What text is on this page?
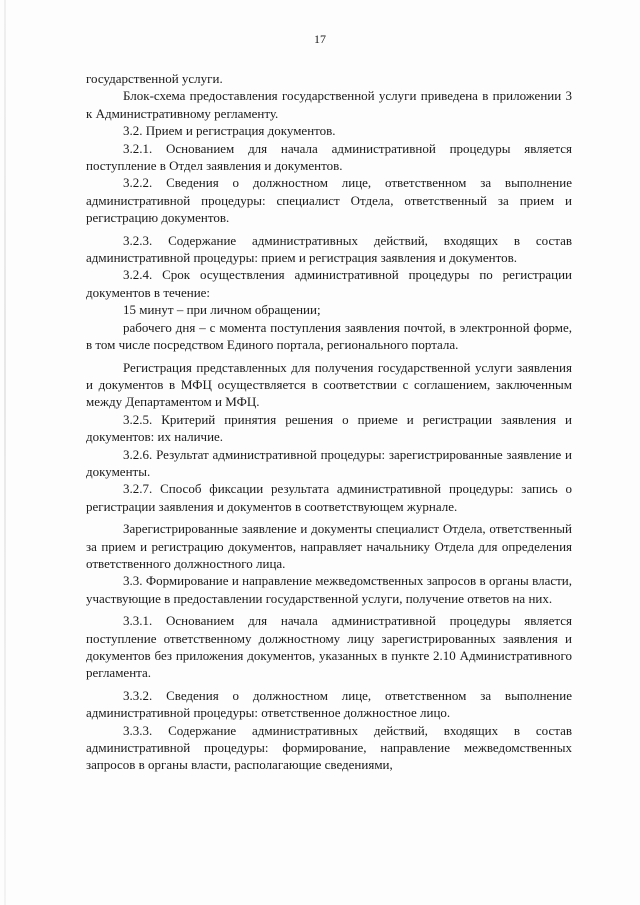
17

государственной услуги.

Блок-схема предоставления государственной услуги приведена в приложении 3 к Административному регламенту.

3.2. Прием и регистрация документов.

3.2.1. Основанием для начала административной процедуры является поступление в Отдел заявления и документов.

3.2.2. Сведения о должностном лице, ответственном за выполнение административной процедуры: специалист Отдела, ответственный за прием и регистрацию документов.

3.2.3. Содержание административных действий, входящих в состав административной процедуры: прием и регистрация заявления и документов.

3.2.4. Срок осуществления административной процедуры по регистрации документов в течение:

15 минут – при личном обращении;

рабочего дня – с момента поступления заявления почтой, в электронной форме, в том числе посредством Единого портала, регионального портала.

Регистрация представленных для получения государственной услуги заявления и документов в МФЦ осуществляется в соответствии с соглашением, заключенным между Департаментом и МФЦ.

3.2.5. Критерий принятия решения о приеме и регистрации заявления и документов: их наличие.

3.2.6. Результат административной процедуры: зарегистрированные заявление и документы.

3.2.7. Способ фиксации результата административной процедуры: запись о регистрации заявления и документов в соответствующем журнале.

Зарегистрированные заявление и документы специалист Отдела, ответственный за прием и регистрацию документов, направляет начальнику Отдела для определения ответственного должностного лица.

3.3. Формирование и направление межведомственных запросов в органы власти, участвующие в предоставлении государственной услуги, получение ответов на них.

3.3.1. Основанием для начала административной процедуры является поступление ответственному должностному лицу зарегистрированных заявления и документов без приложения документов, указанных в пункте 2.10 Административного регламента.

3.3.2. Сведения о должностном лице, ответственном за выполнение административной процедуры: ответственное должностное лицо.

3.3.3. Содержание административных действий, входящих в состав административной процедуры: формирование, направление межведомственных запросов в органы власти, располагающие сведениями,
